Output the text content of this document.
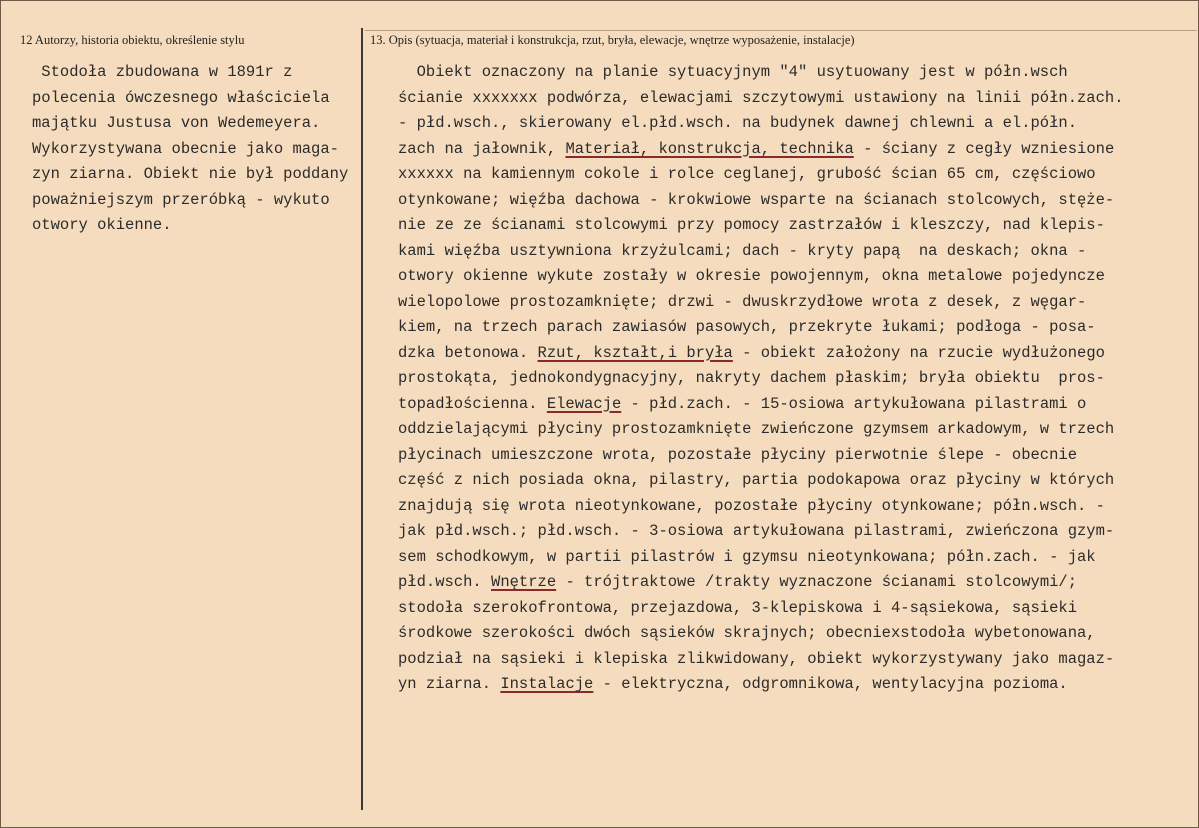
12 Autorzy, historia obiektu, określenie stylu	13. Opis (sytuacja, materiał i konstrukcja, rzut, bryła, elewacje, wnętrze wyposażenie, instalacje)
Stodoła zbudowana w 1891r z
polecenia ówczesnego właściciela
majątku Justusa von Wedemeyera.
Wykorzystywana obecnie jako maga-
zyn ziarna. Obiekt nie był poddany
poważniejszym przeróbką - wykuto
otwory okienne.
Obiekt oznaczony na planie sytuacyjnym "4" usytuowany jest w półn.wsch
ścianie xxxxxxx podwórza, elewacjami szczytowymi ustawiony na linii półn.zach.
- płd.wsch., skierowany el.płd.wsch. na budynek dawnej chlewni a el.półn.
zach na jałownik, Materiał, konstrukcja, technika - ściany z cegły wzniesione
xxxxxx na kamiennym cokole i rolce ceglanej, grubość ścian 65 cm, częściowo
otynkowane; więźba dachowa - krokwiowe wsparte na ścianach stolcowych, stęże-
nie ze ze ścianami stolcowymi przy pomocy zastrzałów i kleszczy, nad klepis-
kami więźba usztywniona krzyżulcami; dach - kryty papą  na deskach; okna -
otwory okienne wykute zostały w okresie powojennym, okna metalowe pojedyncze
wielopolowe prostozamknięte; drzwi - dwuskrzydłowe wrota z desek, z węgar-
kiem, na trzech parach zawiasów pasowych, przekryte łukami; podłoga - posa-
dzka betonowa. Rzut, kształt,i bryła - obiekt założony na rzucie wydłużonego
prostokąta, jednokondygnacyjny, nakryty dachem płaskim; bryła obiektu  pros-
topadłościenna. Elewacje - płd.zach. - 15-osiowa artykułowana pilastrami o
oddzielającymi płyciny prostozamknięte zwieńczone gzymsem arkadowym, w trzech
płycinach umieszczone wrota, pozostałe płyciny pierwotnie ślepe - obecnie
część z nich posiada okna, pilastry, partia podokapowa oraz płyciny w których
znajdują się wrota nieotynkowane, pozostałe płyciny otynkowane; półn.wsch. -
jak płd.wsch.; płd.wsch. - 3-osiowa artykułowana pilastrami, zwieńczona gzym-
sem schodkowym, w partii pilastrów i gzymsu nieotynkowana; półn.zach. - jak
płd.wsch. Wnętrze - trójtraktowe /trakty wyznaczone ścianami stolcowymi/;
stodoła szerokofrontowa, przejazdowa, 3-klepiskowa i 4-sąsiekowa, sąsieki
środkowe szerokości dwóch sąsieków skrajnych; obecniexstodoła wybetonowana,
podział na sąsieki i klepiska zlikwidowany, obiekt wykorzystywany jako magaz-
yn ziarna. Instalacje - elektryczna, odgromnikowa, wentylacyjna pozioma.
